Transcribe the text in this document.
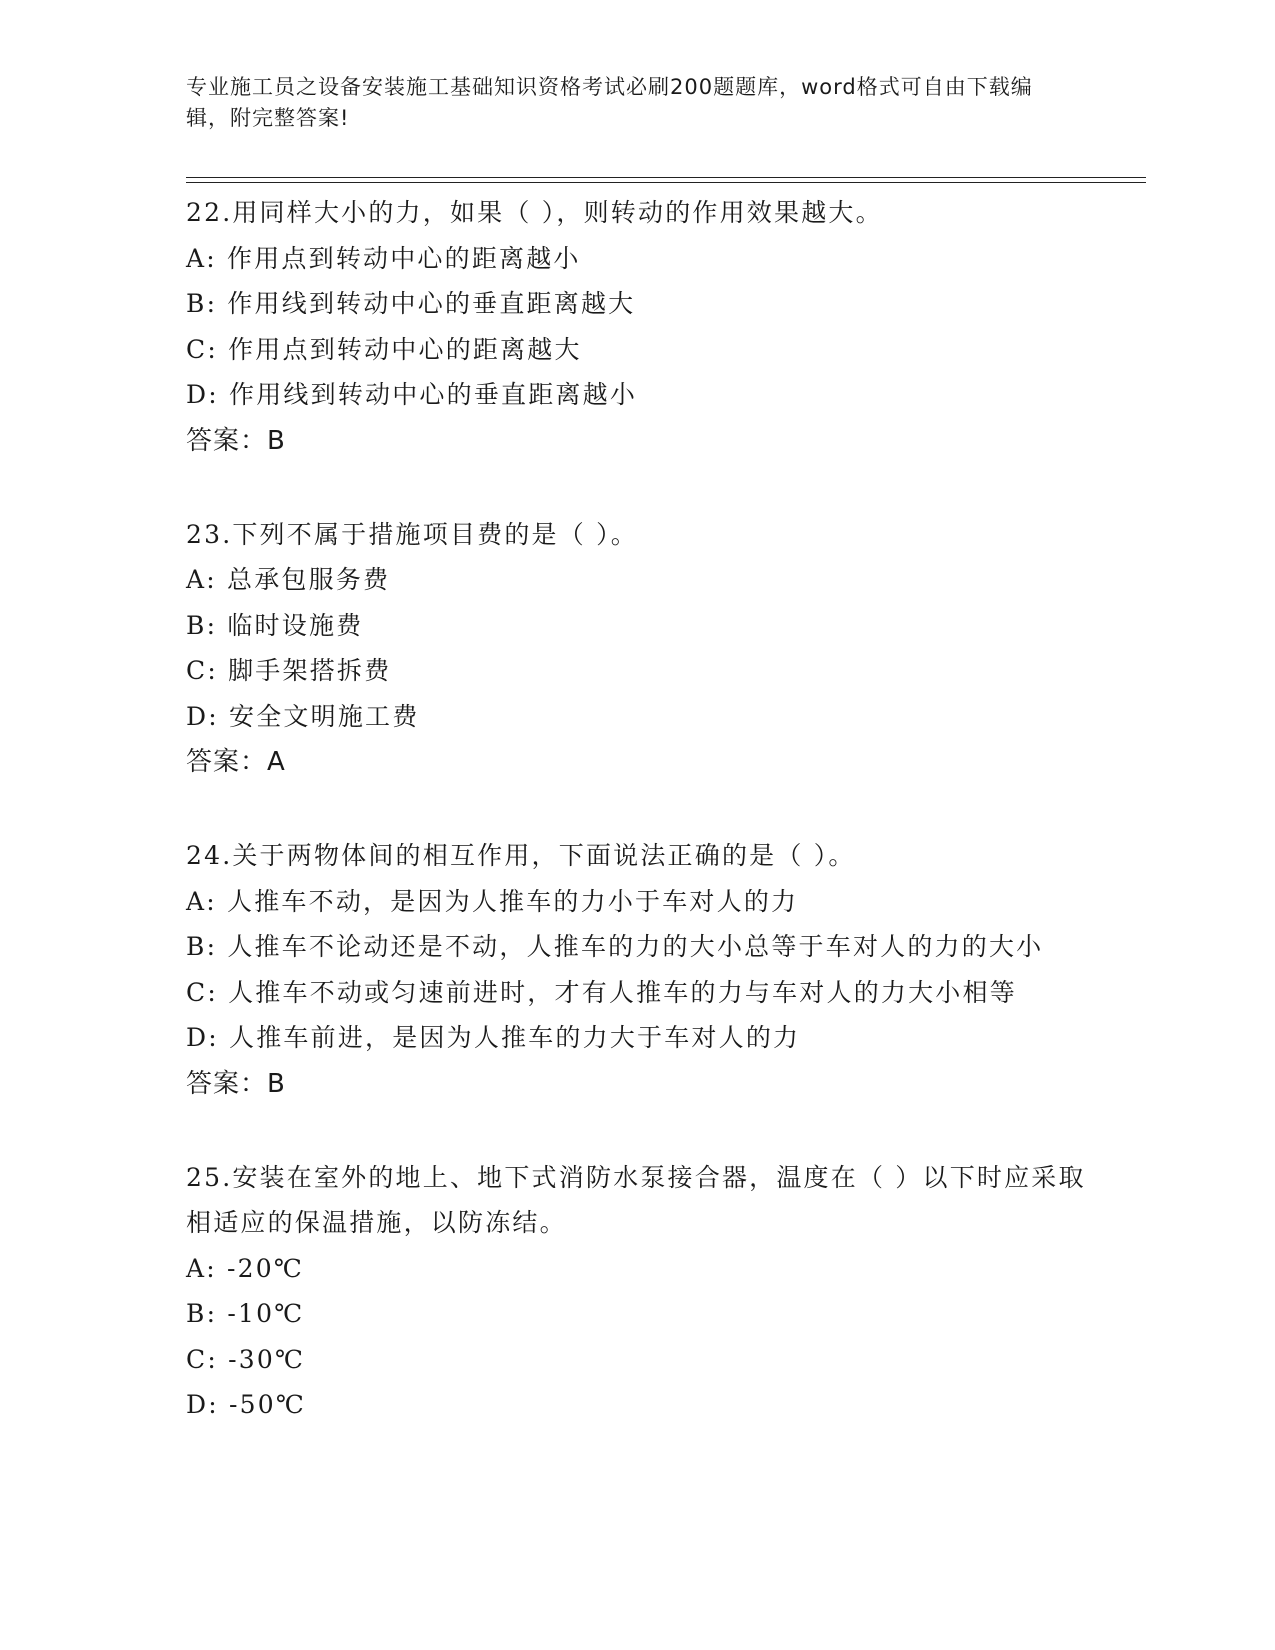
专业施工员之设备安装施工基础知识资格考试必刷200题题库，word格式可自由下载编辑，附完整答案!

22.用同样大小的力，如果（ ），则转动的作用效果越大。

A: 作用点到转动中心的距离越小

B: 作用线到转动中心的垂直距离越大

C: 作用点到转动中心的距离越大

D: 作用线到转动中心的垂直距离越小

答案：B

23.下列不属于措施项目费的是（ ）。

A: 总承包服务费

B: 临时设施费

C: 脚手架搭拆费

D: 安全文明施工费

答案：A

24.关于两物体间的相互作用，下面说法正确的是（ ）。

A: 人推车不动，是因为人推车的力小于车对人的力

B: 人推车不论动还是不动，人推车的力的大小总等于车对人的力的大小

C: 人推车不动或匀速前进时，才有人推车的力与车对人的力大小相等

D: 人推车前进，是因为人推车的力大于车对人的力

答案：B

25.安装在室外的地上、地下式消防水泵接合器，温度在（ ）以下时应采取相适应的保温措施，以防冻结。

A: -20℃

B: -10℃

C: -30℃

D: -50℃
